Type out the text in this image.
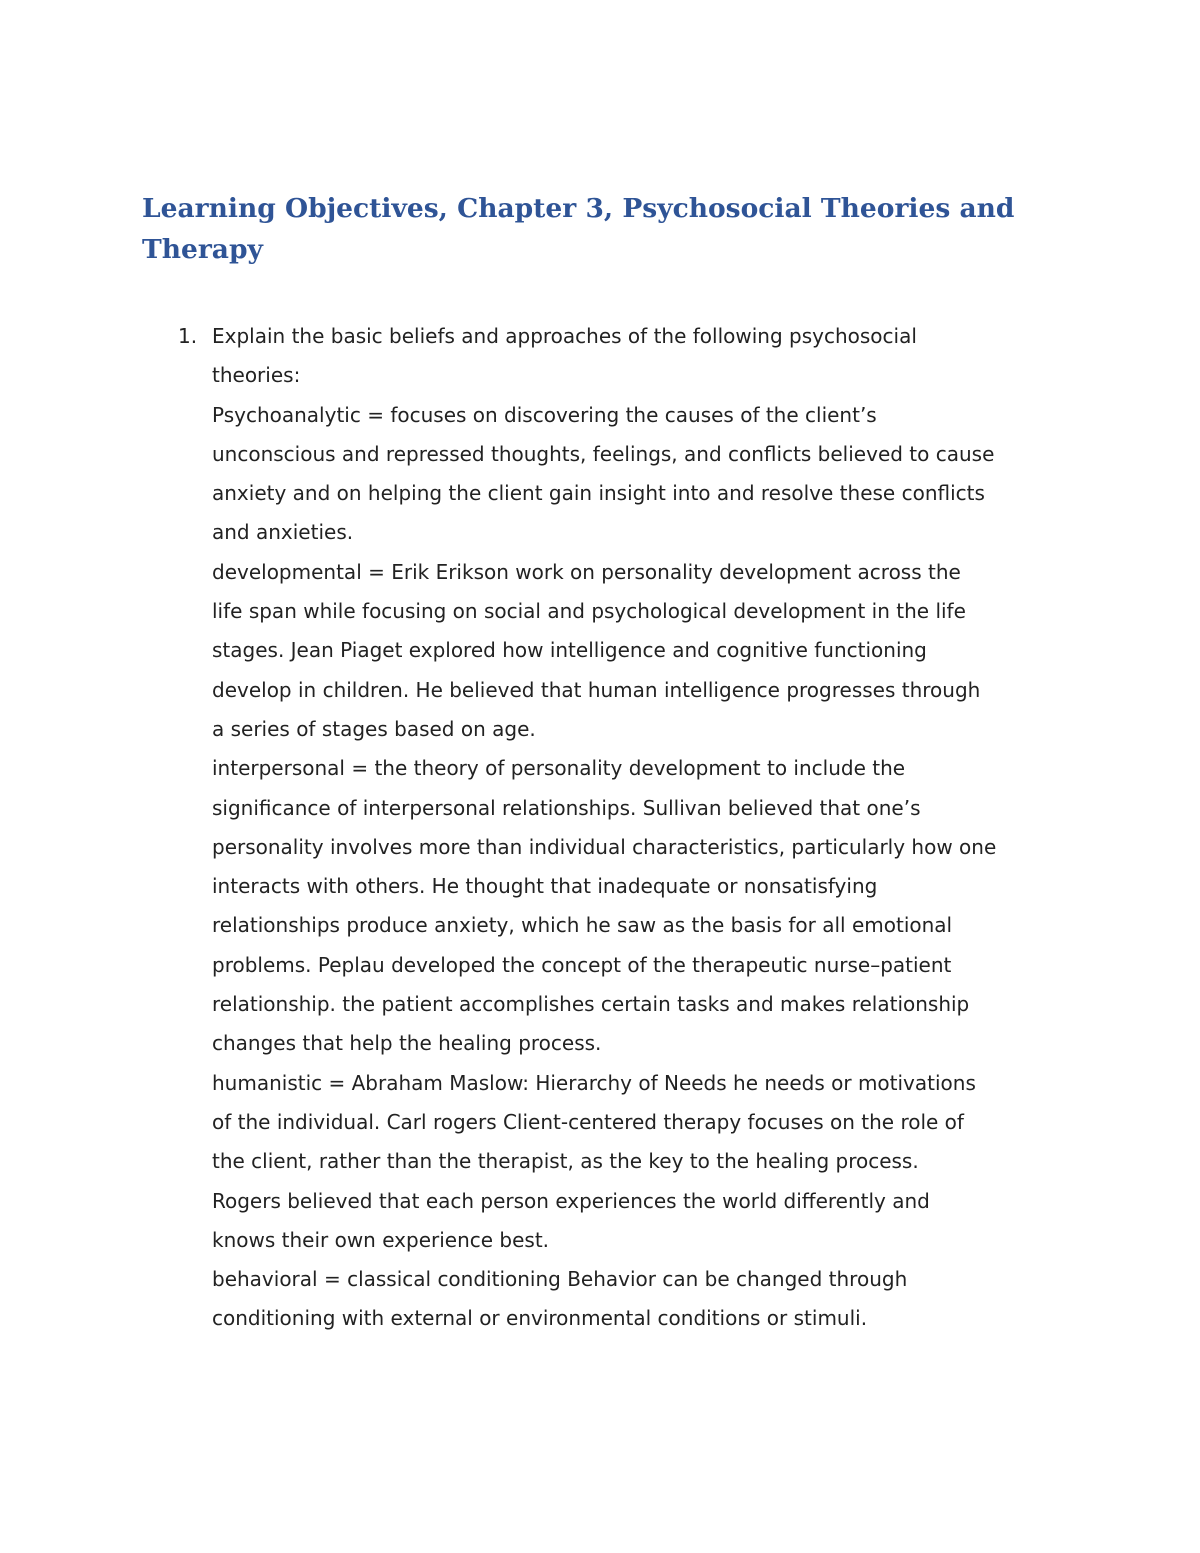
Learning Objectives, Chapter 3, Psychosocial Theories and Therapy
1. Explain the basic beliefs and approaches of the following psychosocial
theories:
Psychoanalytic = focuses on discovering the causes of the client’s
unconscious and repressed thoughts, feelings, and conflicts believed to cause
anxiety and on helping the client gain insight into and resolve these conflicts
and anxieties.
developmental = Erik Erikson work on personality development across the
life span while focusing on social and psychological development in the life
stages. Jean Piaget explored how intelligence and cognitive functioning
develop in children. He believed that human intelligence progresses through
a series of stages based on age.
interpersonal = the theory of personality development to include the
significance of interpersonal relationships. Sullivan believed that one’s
personality involves more than individual characteristics, particularly how one
interacts with others. He thought that inadequate or nonsatisfying
relationships produce anxiety, which he saw as the basis for all emotional
problems. Peplau developed the concept of the therapeutic nurse–patient
relationship. the patient accomplishes certain tasks and makes relationship
changes that help the healing process.
humanistic = Abraham Maslow: Hierarchy of Needs he needs or motivations
of the individual. Carl rogers Client-centered therapy focuses on the role of
the client, rather than the therapist, as the key to the healing process.
Rogers believed that each person experiences the world differently and
knows their own experience best.
behavioral = classical conditioning Behavior can be changed through
conditioning with external or environmental conditions or stimuli.
